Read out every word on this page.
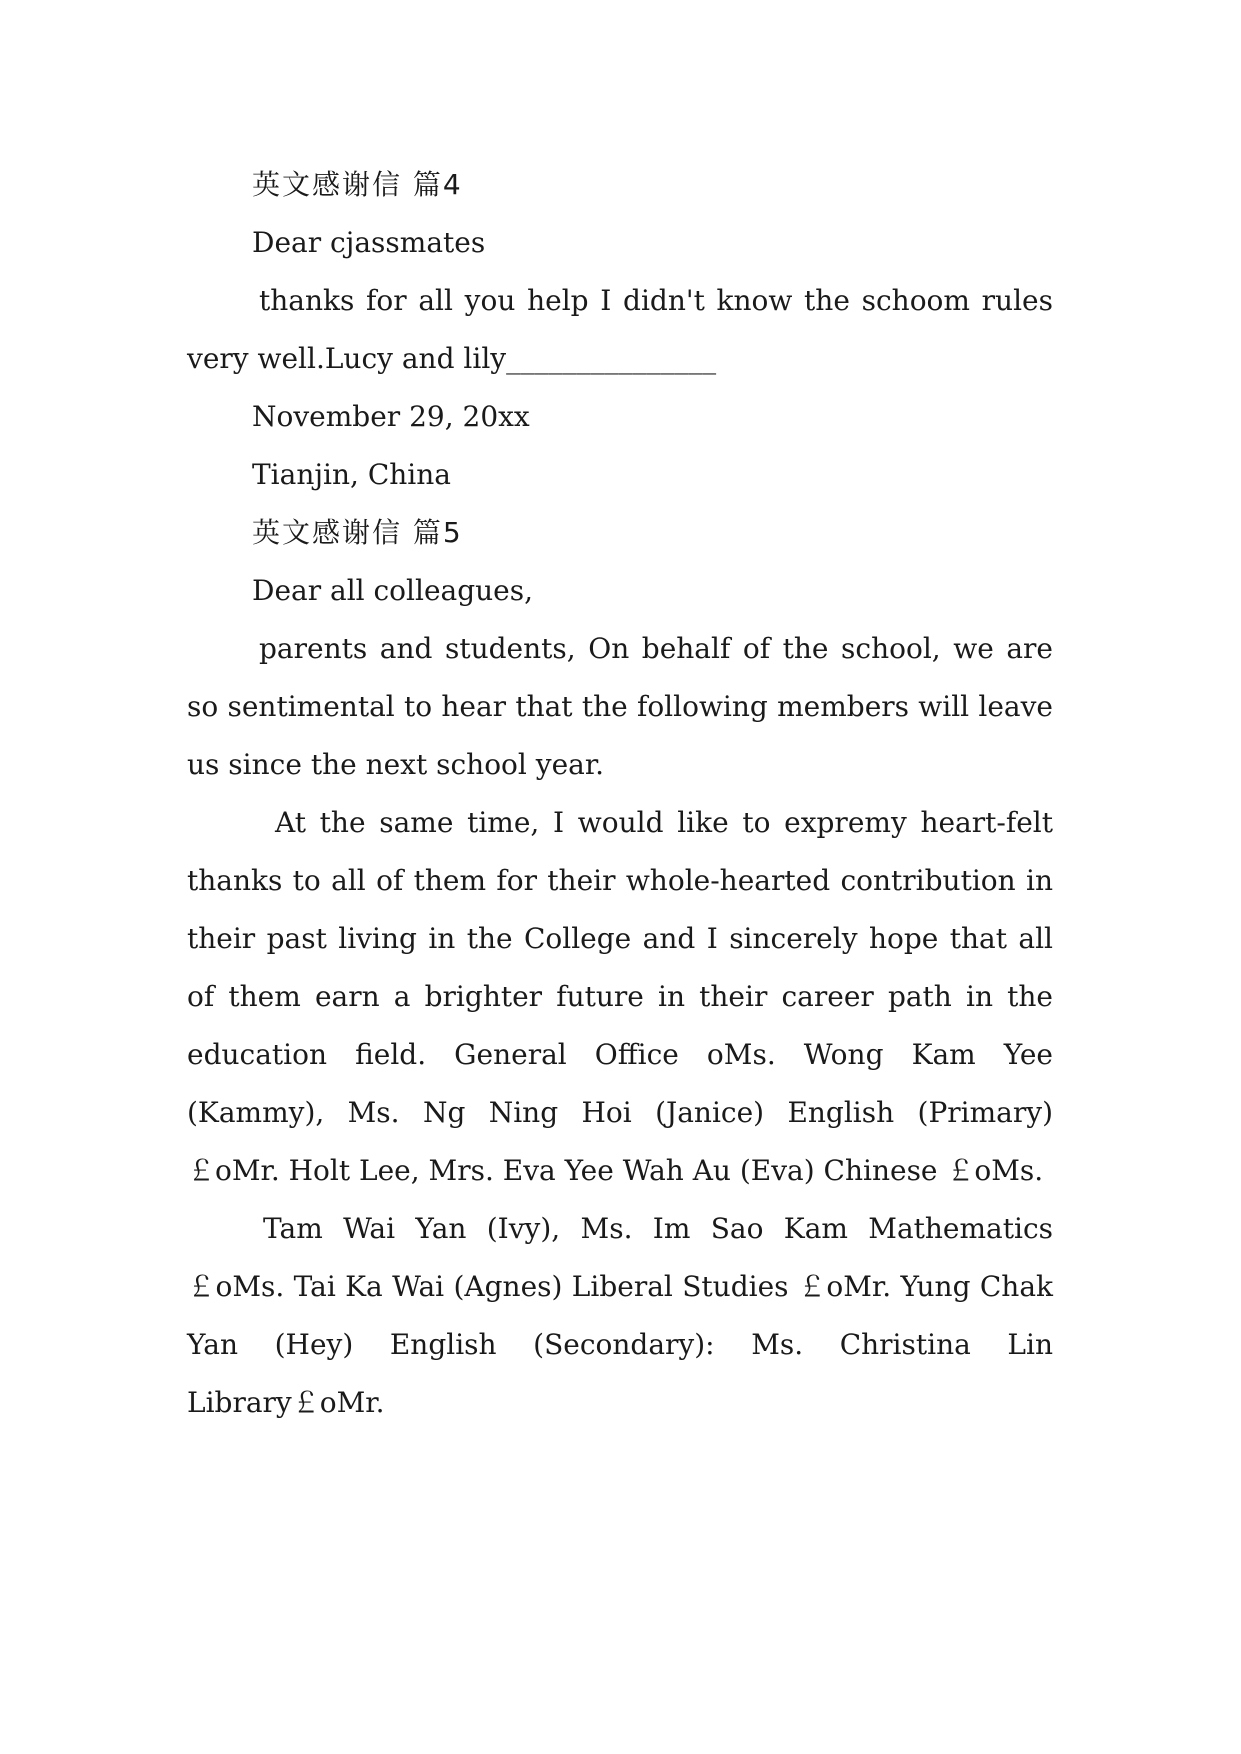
英文感谢信 篇4

Dear cjassmates

thanks for all you help I didn't know the schoom rules very well.Lucy and lily_______________

November 29, 20xx

Tianjin, China

英文感谢信 篇5

Dear all colleagues,

parents and students, On behalf of the school, we are so sentimental to hear that the following members will leave us since the next school year.

At the same time, I would like to expremy heart-felt thanks to all of them for their whole-hearted contribution in their past living in the College and I sincerely hope that all of them earn a brighter future in their career path in the education field. General Office oMs. Wong Kam Yee (Kammy), Ms. Ng Ning Hoi (Janice) English (Primary) ￡oMr. Holt Lee, Mrs. Eva Yee Wah Au (Eva) Chinese ￡oMs.

Tam Wai Yan (Ivy), Ms. Im Sao Kam Mathematics ￡oMs. Tai Ka Wai (Agnes) Liberal Studies ￡oMr. Yung Chak Yan (Hey) English (Secondary): Ms. Christina Lin Library￡oMr.
